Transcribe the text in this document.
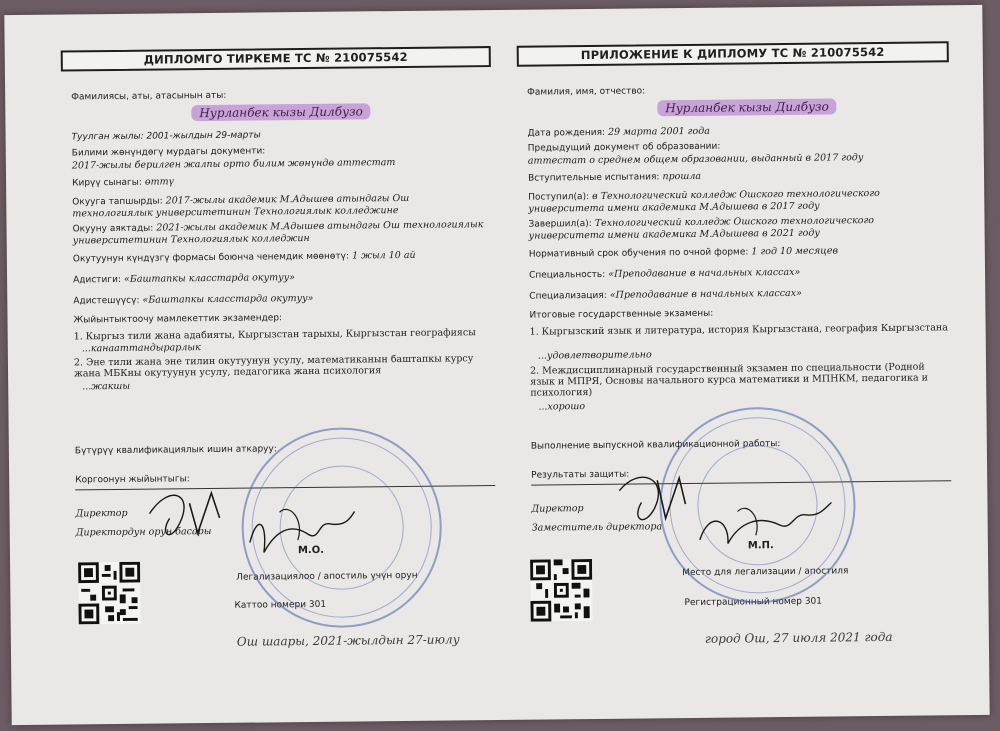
ДИПЛОМГО ТИРКЕМЕ ТС № 210075542
Фамилиясы, аты, атасынын аты:
Нурланбек кызы Дилбузо
Туулган жылы: 2001-жылдын 29-марты
Билими жөнүндөгү мурдагы документи:
2017-жылы берилген жалпы орто билим жөнүндө аттестат
Кирүү сынагы: өттү
Окууга тапшырды: 2017-жылы академик М.Адышев атындагы Ош технологиялык университетинин Технологиялык колледжине
Окууну аяктады: 2021-жылы академик М.Адышев атындагы Ош технологиялык университетинин Технологиялык колледжин
Окутуунун күндүзгү формасы боюнча ченемдик мөөнөтү: 1 жыл 10 ай
Адистиги: «Баштапкы класстарда окутуу»
Адистешүүсү: «Баштапкы класстарда окутуу»
Жыйынтыктоочу мамлекеттик экзамендер:
1. Кыргыз тили жана адабияты, Кыргызстан тарыхы, Кыргызстан географиясы
...канааттандырарлык
2. Эне тили жана эне тилин окутуунун усулу, математиканын баштапкы курсу жана МБКны окутуунун усулу, педагогика жана психология
...жакшы
Бүтүрүү квалификациялык ишин аткаруу:
Коргоонун жыйынтыгы:
Директор
Директордун орун басары
М.О.
Легализациялоо / апостиль үчүн орун
Каттоо номери 301
Ош шаары, 2021-жылдын 27-июлу
ПРИЛОЖЕНИЕ К ДИПЛОМУ ТС № 210075542
Фамилия, имя, отчество:
Нурланбек кызы Дилбузо
Дата рождения: 29 марта 2001 года
Предыдущий документ об образовании:
аттестат о среднем общем образовании, выданный в 2017 году
Вступительные испытания: прошла
Поступил(а): в Технологический колледж Ошского технологического университета имени академика М.Адышева в 2017 году
Завершил(а): Технологический колледж Ошского технологического университета имени академика М.Адышева в 2021 году
Нормативный срок обучения по очной форме: 1 год 10 месяцев
Специальность: «Преподавание в начальных классах»
Специализация: «Преподавание в начальных классах»
Итоговые государственные экзамены:
1. Кыргызский язык и литература, история Кыргызстана, география Кыргызстана
...удовлетворительно
2. Междисциплинарный государственный экзамен по специальности (Родной язык и МПРЯ, Основы начального курса математики и МПНКМ, педагогика и психология)
...хорошо
Выполнение выпускной квалификационной работы:
Результаты защиты:
Директор
Заместитель директора
М.П.
Место для легализации / апостиля
Регистрационный номер 301
город Ош, 27 июля 2021 года
